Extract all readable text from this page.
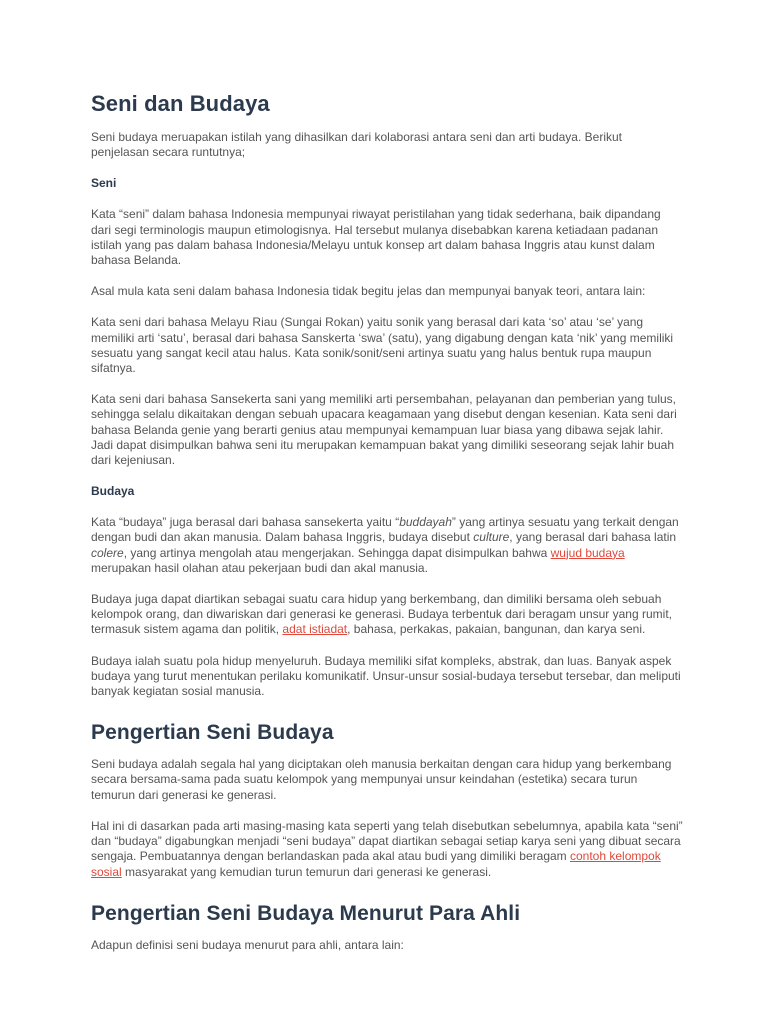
Seni dan Budaya

Seni budaya meruapakan istilah yang dihasilkan dari kolaborasi antara seni dan arti budaya. Berikut penjelasan secara runtutnya;

Seni

Kata “seni” dalam bahasa Indonesia mempunyai riwayat peristilahan yang tidak sederhana, baik dipandang dari segi terminologis maupun etimologisnya. Hal tersebut mulanya disebabkan karena ketiadaan padanan istilah yang pas dalam bahasa Indonesia/Melayu untuk konsep art dalam bahasa Inggris atau kunst dalam bahasa Belanda.

Asal mula kata seni dalam bahasa Indonesia tidak begitu jelas dan mempunyai banyak teori, antara lain:

Kata seni dari bahasa Melayu Riau (Sungai Rokan) yaitu sonik yang berasal dari kata ‘so’ atau ‘se’ yang memiliki arti ‘satu’, berasal dari bahasa Sanskerta ‘swa’ (satu), yang digabung dengan kata ‘nik’ yang memiliki sesuatu yang sangat kecil atau halus. Kata sonik/sonit/seni artinya suatu yang halus bentuk rupa maupun sifatnya.

Kata seni dari bahasa Sansekerta sani yang memiliki arti persembahan, pelayanan dan pemberian yang tulus, sehingga selalu dikaitakan dengan sebuah upacara keagamaan yang disebut dengan kesenian. Kata seni dari bahasa Belanda genie yang berarti genius atau mempunyai kemampuan luar biasa yang dibawa sejak lahir. Jadi dapat disimpulkan bahwa seni itu merupakan kemampuan bakat yang dimiliki seseorang sejak lahir buah dari kejeniusan.

Budaya

Kata “budaya” juga berasal dari bahasa sansekerta yaitu “buddayah” yang artinya sesuatu yang terkait dengan dengan budi dan akan manusia. Dalam bahasa Inggris, budaya disebut culture, yang berasal dari bahasa latin colere, yang artinya mengolah atau mengerjakan. Sehingga dapat disimpulkan bahwa wujud budaya merupakan hasil olahan atau pekerjaan budi dan akal manusia.

Budaya juga dapat diartikan sebagai suatu cara hidup yang berkembang, dan dimiliki bersama oleh sebuah kelompok orang, dan diwariskan dari generasi ke generasi. Budaya terbentuk dari beragam unsur yang rumit, termasuk sistem agama dan politik, adat istiadat, bahasa, perkakas, pakaian, bangunan, dan karya seni.

Budaya ialah suatu pola hidup menyeluruh. Budaya memiliki sifat kompleks, abstrak, dan luas. Banyak aspek budaya yang turut menentukan perilaku komunikatif. Unsur-unsur sosial-budaya tersebut tersebar, dan meliputi banyak kegiatan sosial manusia.

Pengertian Seni Budaya

Seni budaya adalah segala hal yang diciptakan oleh manusia berkaitan dengan cara hidup yang berkembang secara bersama-sama pada suatu kelompok yang mempunyai unsur keindahan (estetika) secara turun temurun dari generasi ke generasi.

Hal ini di dasarkan pada arti masing-masing kata seperti yang telah disebutkan sebelumnya, apabila kata “seni” dan “budaya” digabungkan menjadi “seni budaya” dapat diartikan sebagai setiap karya seni yang dibuat secara sengaja. Pembuatannya dengan berlandaskan pada akal atau budi yang dimiliki beragam contoh kelompok sosial masyarakat yang kemudian turun temurun dari generasi ke generasi.

Pengertian Seni Budaya Menurut Para Ahli

Adapun definisi seni budaya menurut para ahli, antara lain:
